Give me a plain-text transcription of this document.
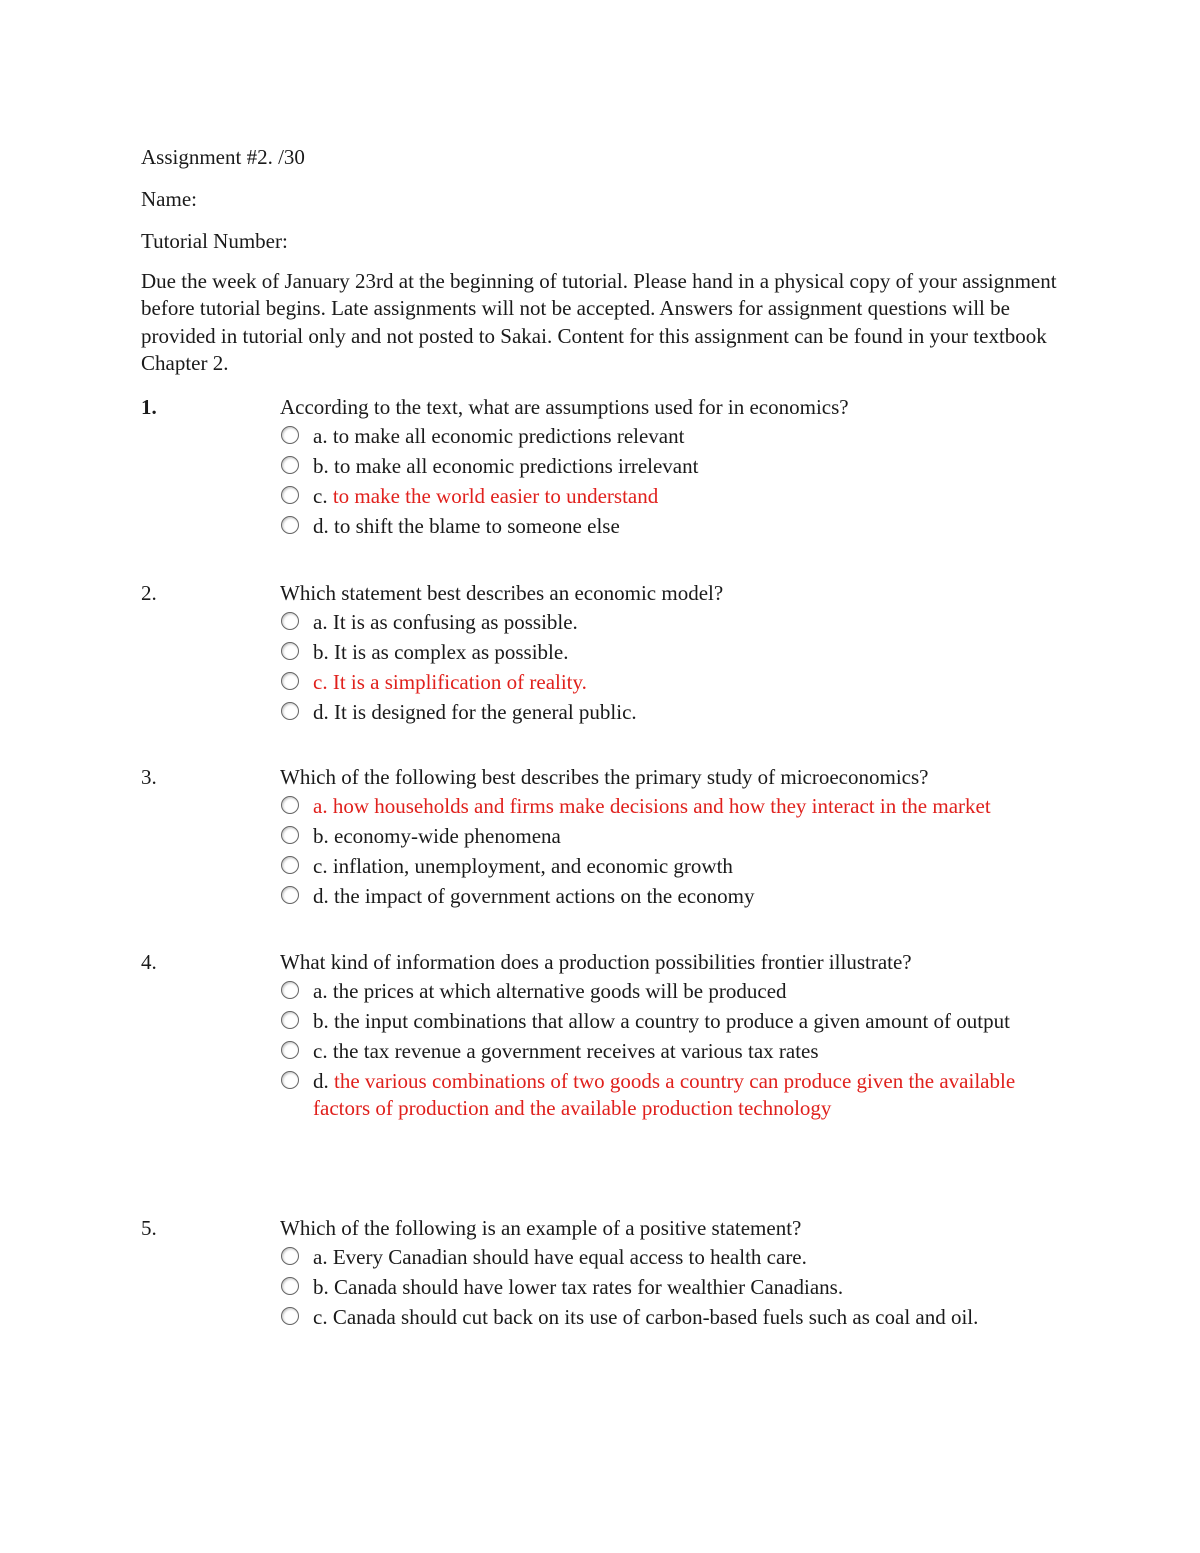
Assignment #2. /30

Name:

Tutorial Number:

Due the week of January 23rd at the beginning of tutorial. Please hand in a physical copy of your assignment before tutorial begins. Late assignments will not be accepted. Answers for assignment questions will be provided in tutorial only and not posted to Sakai. Content for this assignment can be found in your textbook Chapter 2.

1.	According to the text, what are assumptions used for in economics?

a. to make all economic predictions relevant
b. to make all economic predictions irrelevant
c. to make the world easier to understand
d. to shift the blame to someone else
2.	Which statement best describes an economic model?

a. It is as confusing as possible.
b. It is as complex as possible.
c. It is a simplification of reality.
d. It is designed for the general public.
3.	Which of the following best describes the primary study of microeconomics?

a. how households and firms make decisions and how they interact in the market
b. economy-wide phenomena
c. inflation, unemployment, and economic growth
d. the impact of government actions on the economy
4.	What kind of information does a production possibilities frontier illustrate?

a. the prices at which alternative goods will be produced
b. the input combinations that allow a country to produce a given amount of output
c. the tax revenue a government receives at various tax rates
d. the various combinations of two goods a country can produce given the available factors of production and the available production technology
5.	Which of the following is an example of a positive statement?

a. Every Canadian should have equal access to health care.
b. Canada should have lower tax rates for wealthier Canadians.
c. Canada should cut back on its use of carbon-based fuels such as coal and oil.
